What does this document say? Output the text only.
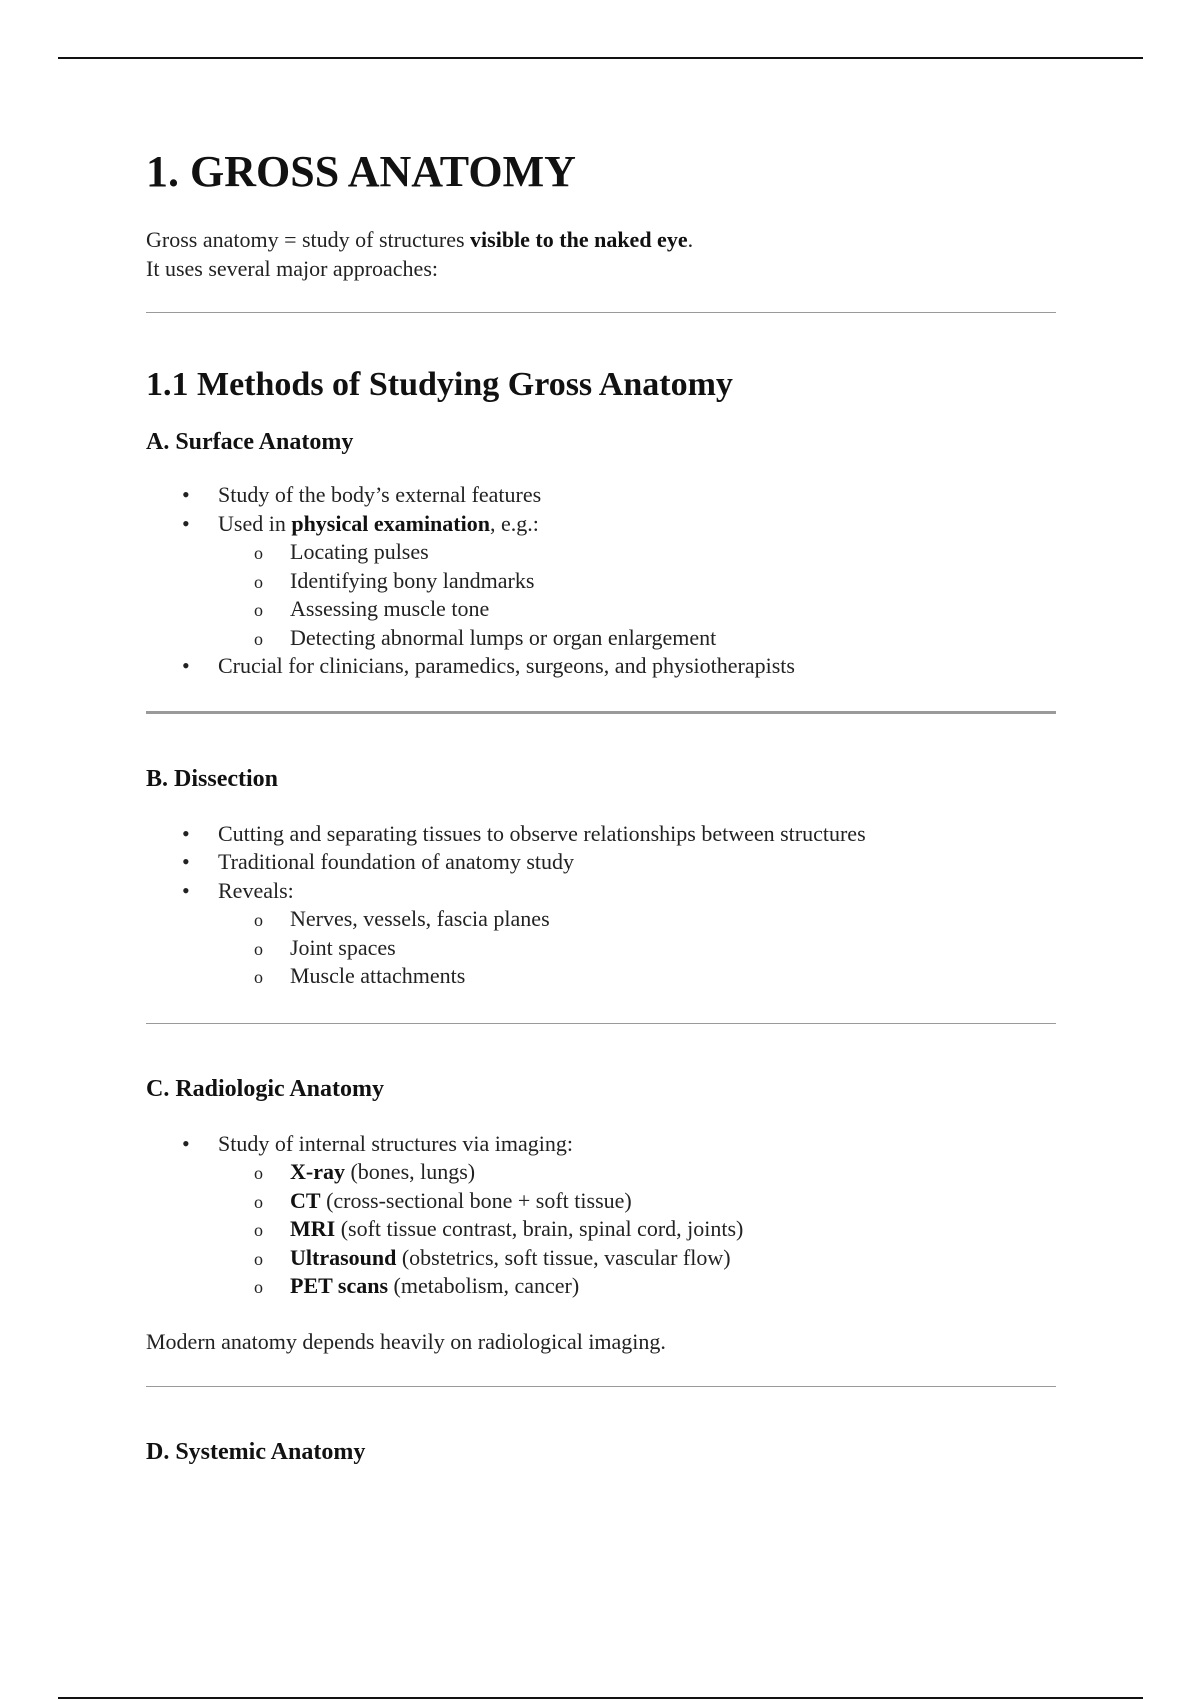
1. GROSS ANATOMY

Gross anatomy = study of structures visible to the naked eye.

It uses several major approaches:

1.1 Methods of Studying Gross Anatomy
A. Surface Anatomy
• Study of the body’s external features
• Used in physical examination, e.g.:
o Locating pulses
o Identifying bony landmarks
o Assessing muscle tone
o Detecting abnormal lumps or organ enlargement
• Crucial for clinicians, paramedics, surgeons, and physiotherapists
B. Dissection
• Cutting and separating tissues to observe relationships between structures
• Traditional foundation of anatomy study
• Reveals:
o Nerves, vessels, fascia planes
o Joint spaces
o Muscle attachments
C. Radiologic Anatomy
• Study of internal structures via imaging:
o X-ray (bones, lungs)
o CT (cross-sectional bone + soft tissue)
o MRI (soft tissue contrast, brain, spinal cord, joints)
o Ultrasound (obstetrics, soft tissue, vascular flow)
o PET scans (metabolism, cancer)

Modern anatomy depends heavily on radiological imaging.

D. Systemic Anatomy
